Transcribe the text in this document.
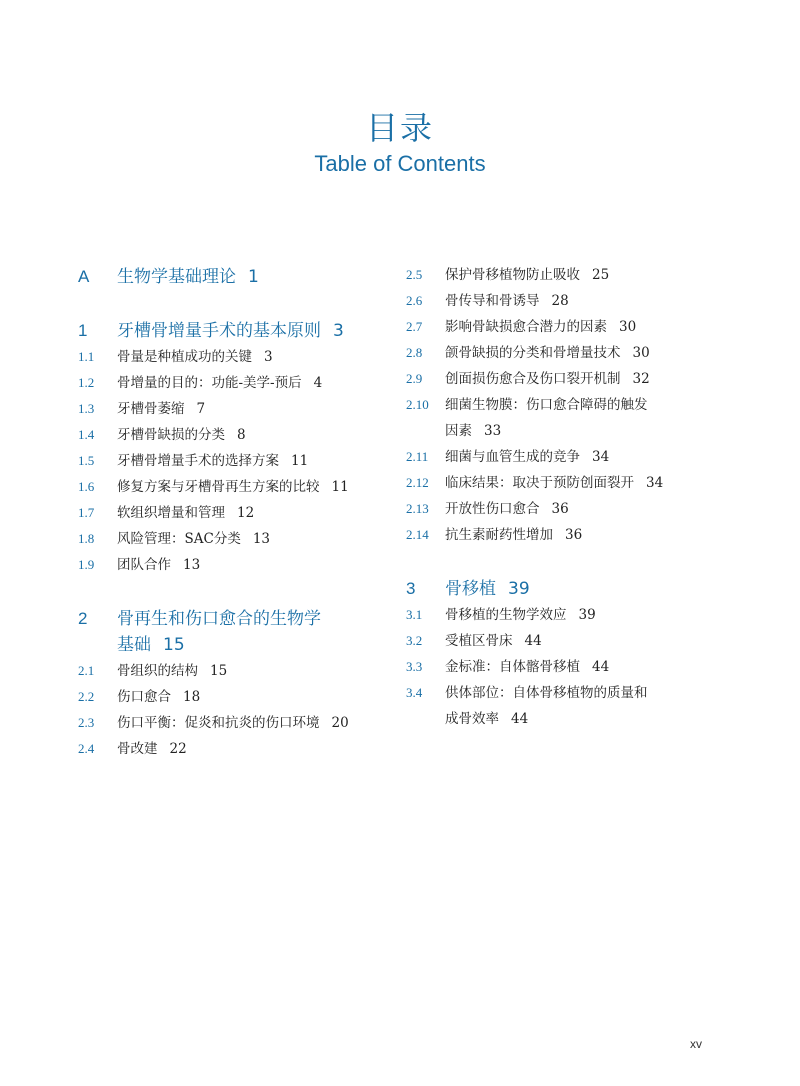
目录
Table of Contents
A	生物学基础理论 1
1	牙槽骨增量手术的基本原则 3
1.1	骨量是种植成功的关键 3
1.2	骨增量的目的：功能-美学-预后 4
1.3	牙槽骨萎缩 7
1.4	牙槽骨缺损的分类 8
1.5	牙槽骨增量手术的选择方案 11
1.6	修复方案与牙槽骨再生方案的比较 11
1.7	软组织增量和管理 12
1.8	风险管理：SAC分类 13
1.9	团队合作 13
2	骨再生和伤口愈合的生物学
基础 15
2.1	骨组织的结构 15
2.2	伤口愈合 18
2.3	伤口平衡：促炎和抗炎的伤口环境 20
2.4	骨改建 22
2.5	保护骨移植物防止吸收 25
2.6	骨传导和骨诱导 28
2.7	影响骨缺损愈合潜力的因素 30
2.8	颌骨缺损的分类和骨增量技术 30
2.9	创面损伤愈合及伤口裂开机制 32
2.10	细菌生物膜：伤口愈合障碍的触发
因素 33
2.11	细菌与血管生成的竞争 34
2.12	临床结果：取决于预防创面裂开 34
2.13	开放性伤口愈合 36
2.14	抗生素耐药性增加 36
3	骨移植 39
3.1	骨移植的生物学效应 39
3.2	受植区骨床 44
3.3	金标准：自体髂骨移植 44
3.4	供体部位：自体骨移植物的质量和
成骨效率 44
xv
